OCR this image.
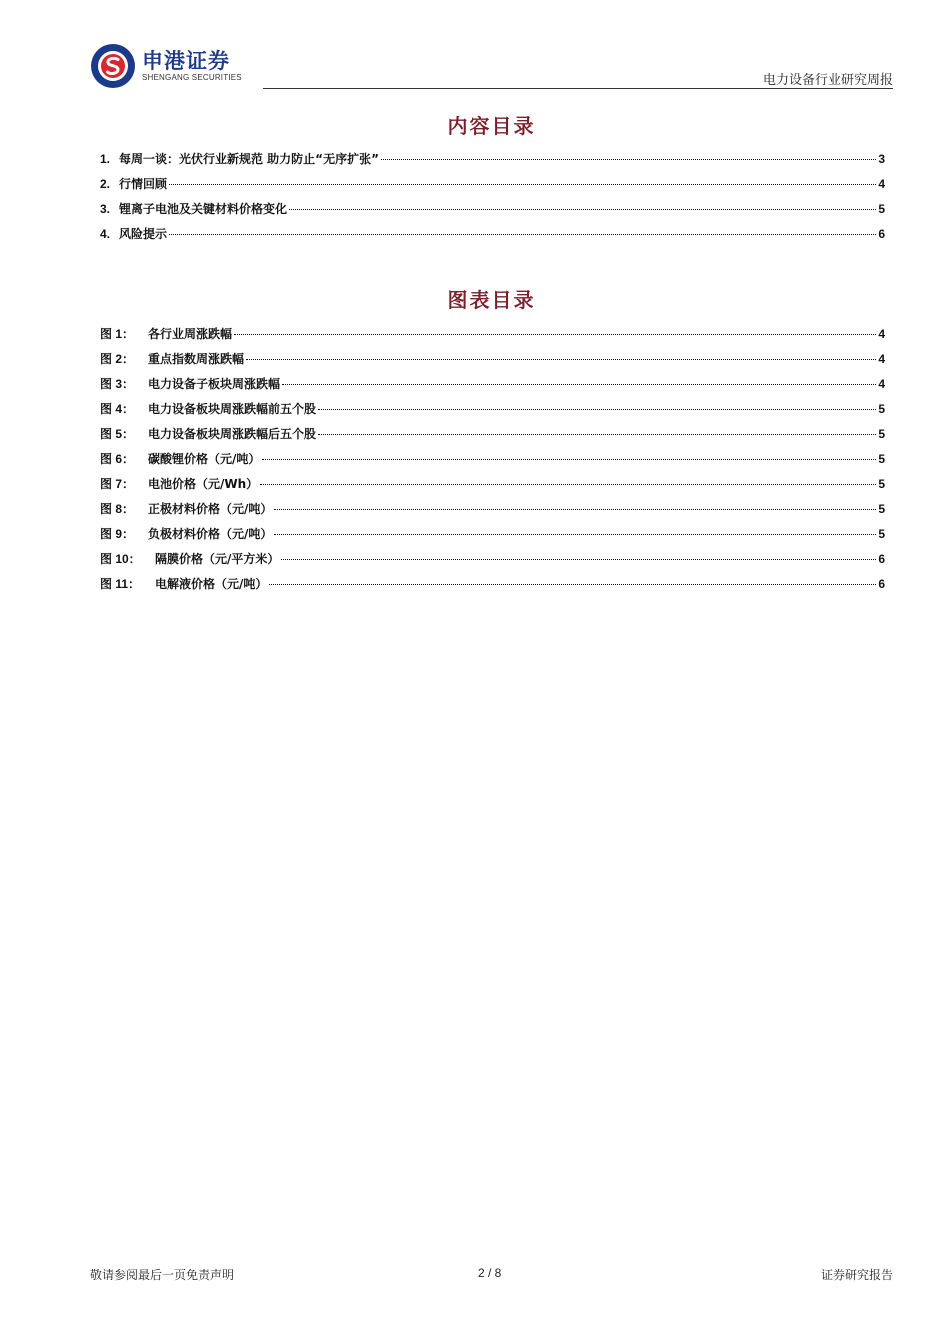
申港证券
SHENGANG SECURITIES	电力设备行业研究周报
内容目录
1. 每周一谈：光伏行业新规范 助力防止“无序扩张”	3
2. 行情回顾	4
3. 锂离子电池及关键材料价格变化	5
4. 风险提示	6
图表目录
图 1：	各行业周涨跌幅	4
图 2：	重点指数周涨跌幅	4
图 3：	电力设备子板块周涨跌幅	4
图 4：	电力设备板块周涨跌幅前五个股	5
图 5：	电力设备板块周涨跌幅后五个股	5
图 6：	碳酸锂价格（元/吨）	5
图 7：	电池价格（元/Wh）	5
图 8：	正极材料价格（元/吨）	5
图 9：	负极材料价格（元/吨）	5
图 10：	隔膜价格（元/平方米）	6
图 11：	电解液价格（元/吨）	6
敬请参阅最后一页免责声明	2 / 8	证券研究报告
